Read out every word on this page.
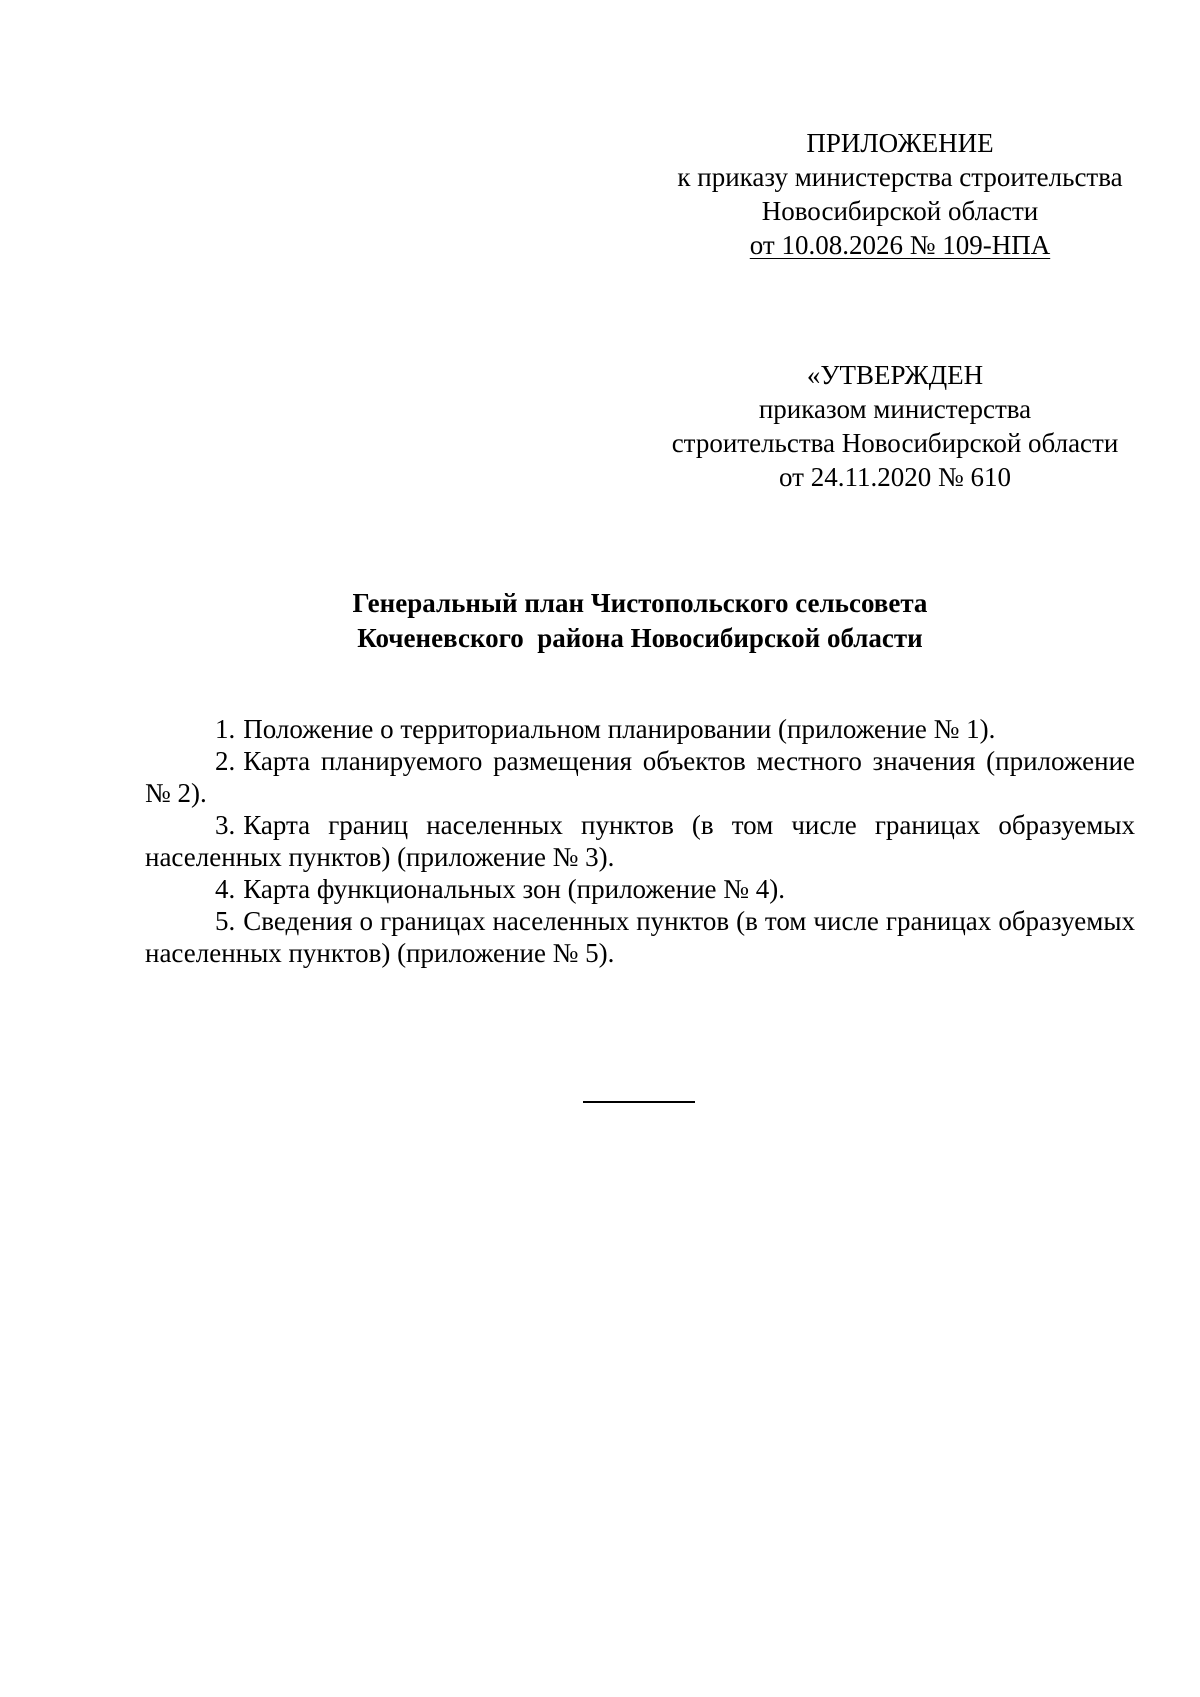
ПРИЛОЖЕНИЕ
к приказу министерства строительства
Новосибирской области
от 10.08.2026 № 109-НПА
«УТВЕРЖДЕН
приказом министерства
строительства Новосибирской области
от 24.11.2020 № 610
Генеральный план Чистопольского сельсовета
Коченевского  района Новосибирской области

1. Положение о территориальном планировании (приложение № 1).

2. Карта планируемого размещения объектов местного значения (приложение № 2).

3. Карта границ населенных пунктов (в том числе границах образуемых населенных пунктов) (приложение № 3).

4. Карта функциональных зон (приложение № 4).

5. Сведения о границах населенных пунктов (в том числе границах образуемых населенных пунктов) (приложение № 5).
